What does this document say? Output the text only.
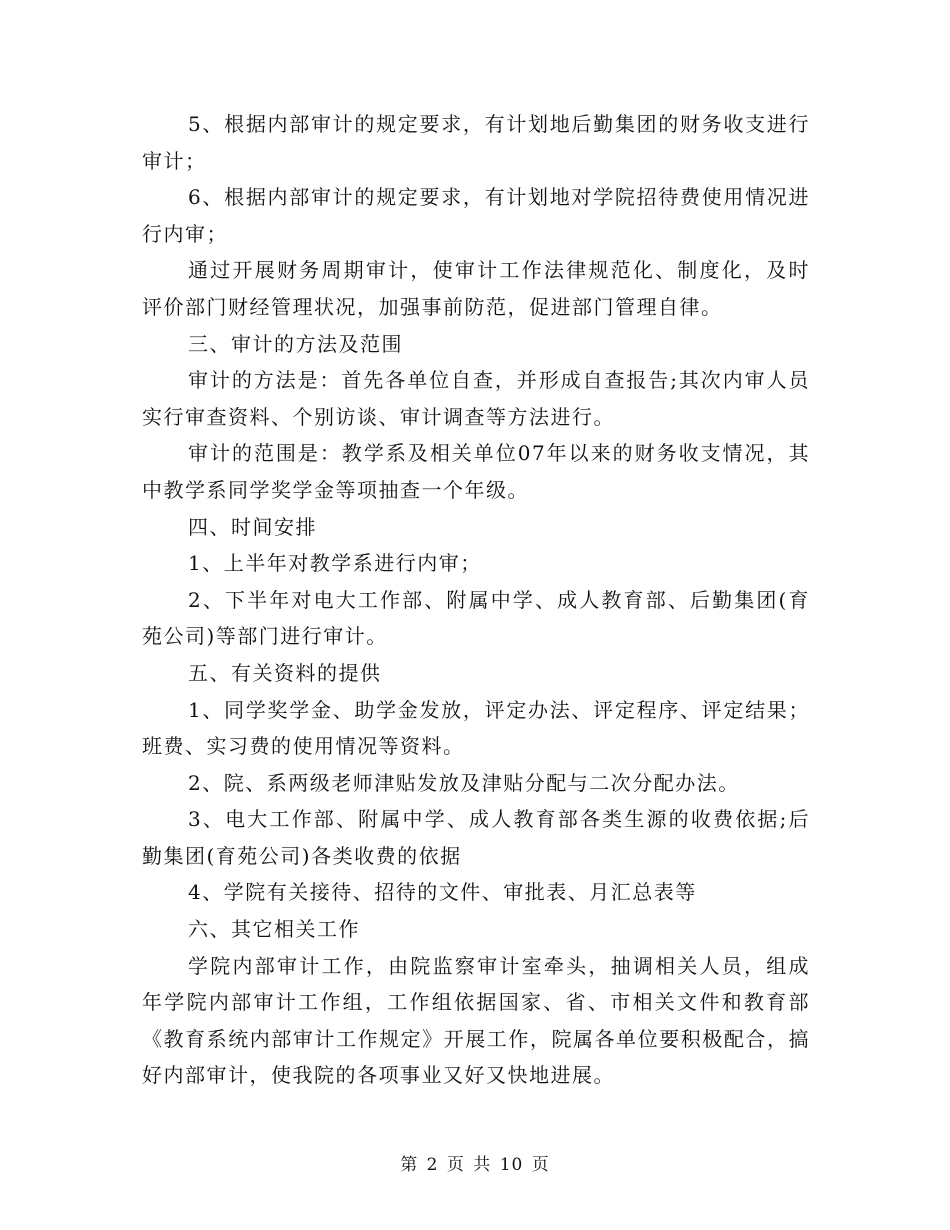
5、根据内部审计的规定要求，有计划地后勤集团的财务收支进行审计；

6、根据内部审计的规定要求，有计划地对学院招待费使用情况进行内审；

通过开展财务周期审计，使审计工作法律规范化、制度化，及时评价部门财经管理状况，加强事前防范，促进部门管理自律。

三、审计的方法及范围

审计的方法是：首先各单位自查，并形成自查报告;其次内审人员实行审查资料、个别访谈、审计调查等方法进行。

审计的范围是：教学系及相关单位07年以来的财务收支情况，其中教学系同学奖学金等项抽查一个年级。

四、时间安排

1、上半年对教学系进行内审；

2、下半年对电大工作部、附属中学、成人教育部、后勤集团(育苑公司)等部门进行审计。

五、有关资料的提供

1、同学奖学金、助学金发放，评定办法、评定程序、评定结果；班费、实习费的使用情况等资料。

2、院、系两级老师津贴发放及津贴分配与二次分配办法。

3、电大工作部、附属中学、成人教育部各类生源的收费依据;后勤集团(育苑公司)各类收费的依据

4、学院有关接待、招待的文件、审批表、月汇总表等

六、其它相关工作

学院内部审计工作，由院监察审计室牵头，抽调相关人员，组成年学院内部审计工作组，工作组依据国家、省、市相关文件和教育部《教育系统内部审计工作规定》开展工作，院属各单位要积极配合，搞好内部审计，使我院的各项事业又好又快地进展。

第 2 页 共 10 页
